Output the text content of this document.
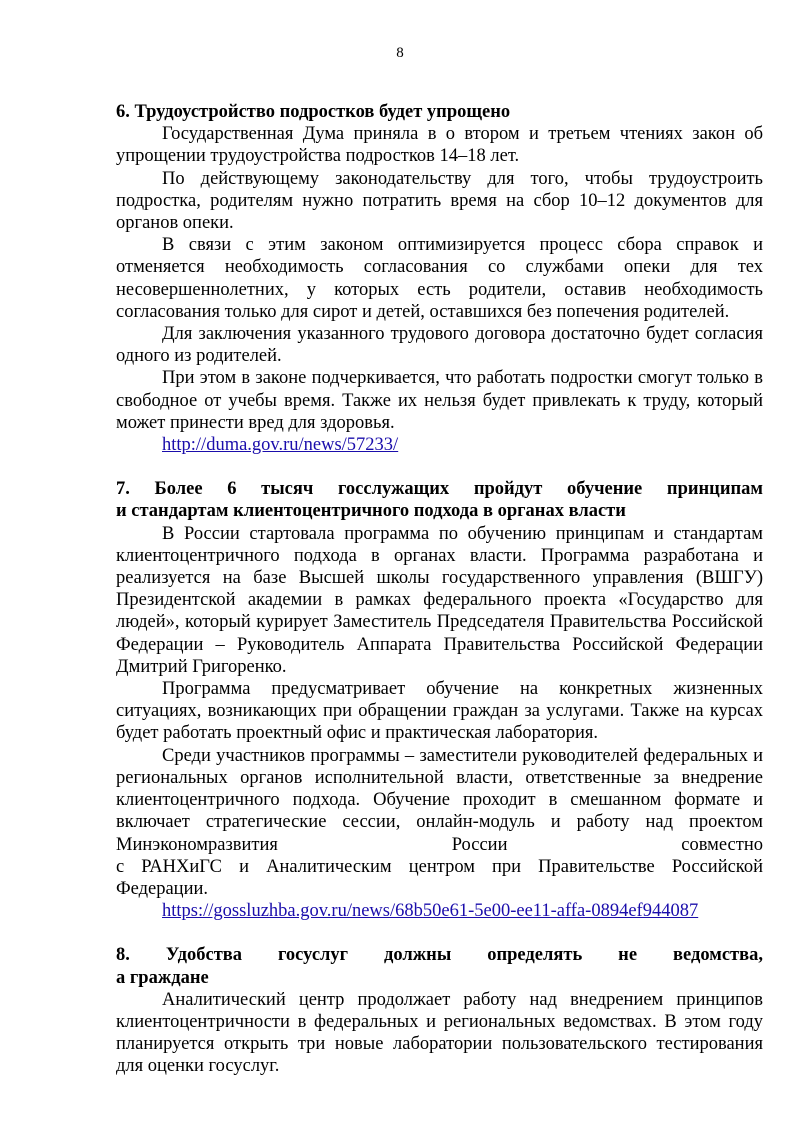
8
6. Трудоустройство подростков будет упрощено

Государственная Дума приняла в о втором и третьем чтениях закон об упрощении трудоустройства подростков 14–18 лет.

По действующему законодательству для того, чтобы трудоустроить подростка, родителям нужно потратить время на сбор 10–12 документов для органов опеки.

В связи с этим законом оптимизируется процесс сбора справок и отменяется необходимость согласования со службами опеки для тех несовершеннолетних, у которых есть родители, оставив необходимость согласования только для сирот и детей, оставшихся без попечения родителей.

Для заключения указанного трудового договора достаточно будет согласия одного из родителей.

При этом в законе подчеркивается, что работать подростки смогут только в свободное от учебы время. Также их нельзя будет привлекать к труду, который может принести вред для здоровья.

http://duma.gov.ru/news/57233/
7. Более 6 тысяч госслужащих пройдут обучение принципам
и стандартам клиентоцентричного подхода в органах власти

В России стартовала программа по обучению принципам и стандартам клиентоцентричного подхода в органах власти. Программа разработана и реализуется на базе Высшей школы государственного управления (ВШГУ) Президентской академии в рамках федерального проекта «Государство для людей», который курирует Заместитель Председателя Правительства Российской Федерации – Руководитель Аппарата Правительства Российской Федерации Дмитрий Григоренко.

Программа предусматривает обучение на конкретных жизненных ситуациях, возникающих при обращении граждан за услугами. Также на курсах будет работать проектный офис и практическая лаборатория.

Среди участников программы – заместители руководителей федеральных и региональных органов исполнительной власти, ответственные за внедрение клиентоцентричного подхода. Обучение проходит в смешанном формате и включает стратегические сессии, онлайн-модуль и работу над проектом Минэкономразвития России совместно

с РАНХиГС и Аналитическим центром при Правительстве Российской Федерации.

https://gossluzhba.gov.ru/news/68b50e61-5e00-ee11-affa-0894ef944087
8. Удобства госуслуг должны определять не ведомства,
а граждане

Аналитический центр продолжает работу над внедрением принципов клиентоцентричности в федеральных и региональных ведомствах. В этом году планируется открыть три новые лаборатории пользовательского тестирования для оценки госуслуг.
